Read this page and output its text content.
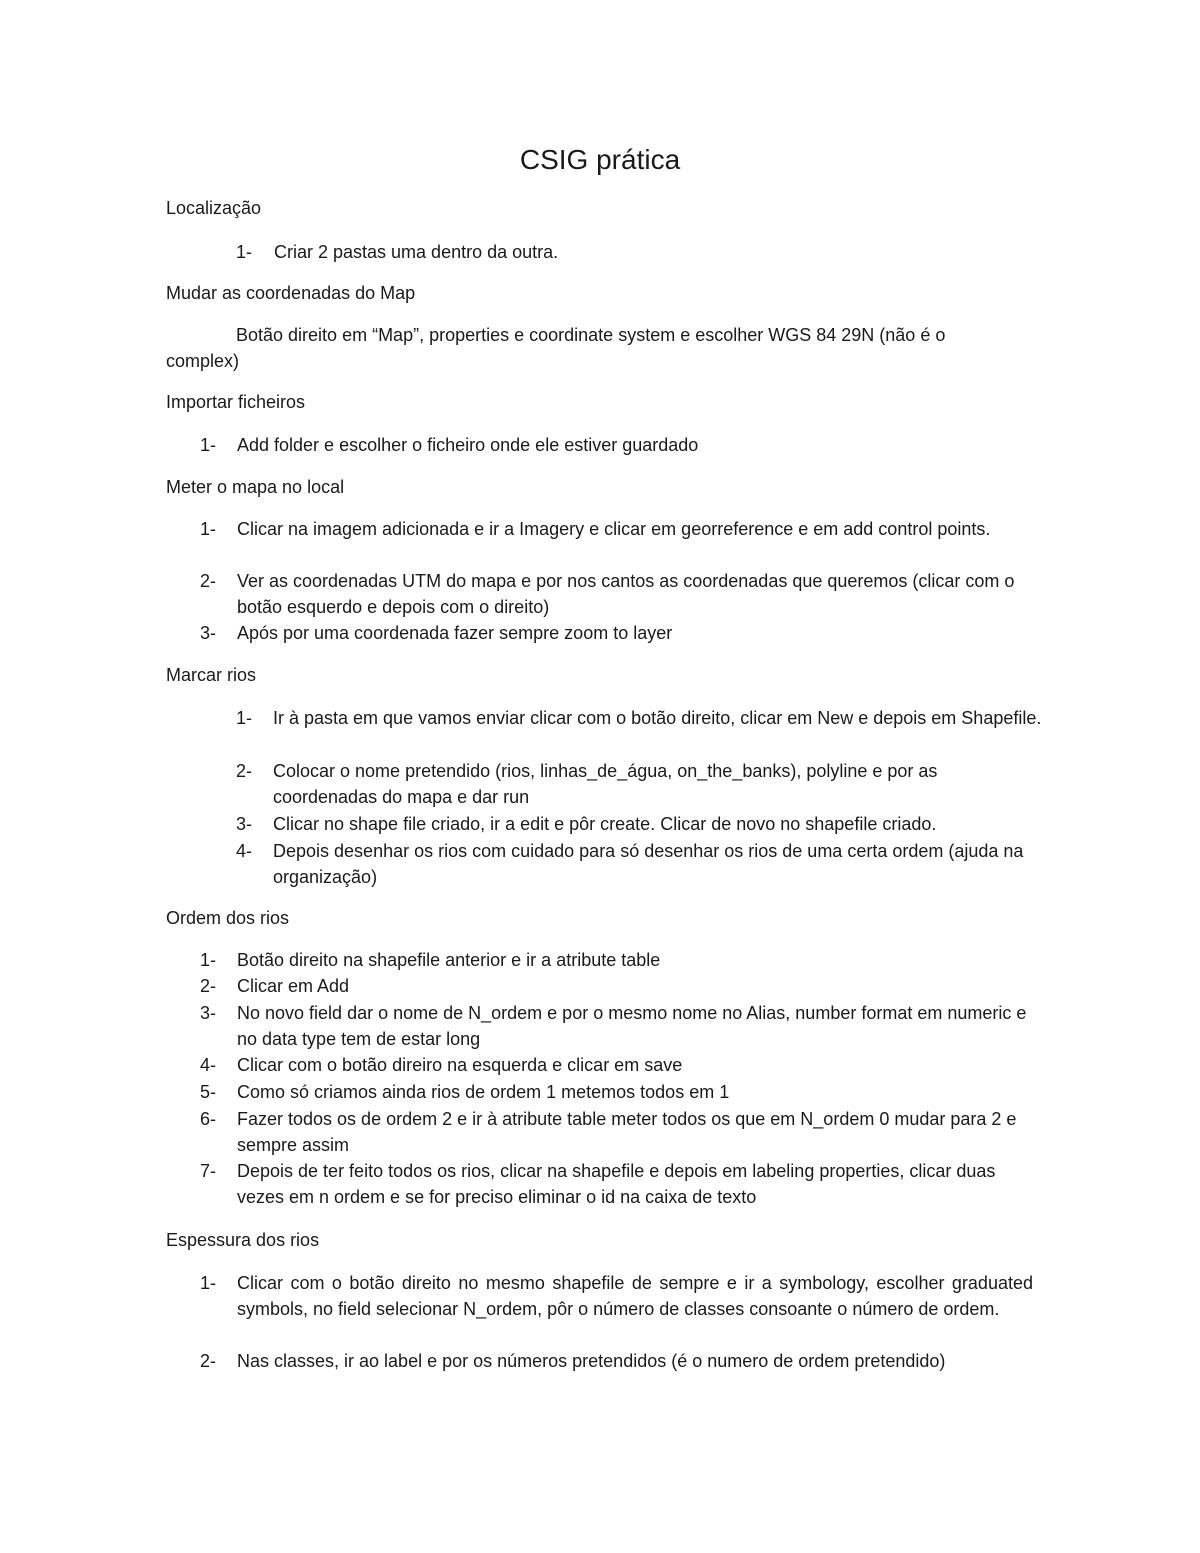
CSIG prática
Localização
1-	Criar 2 pastas uma dentro da outra.
Mudar as coordenadas do Map
Botão direito em “Map”, properties e coordinate system e escolher WGS 84 29N (não é o
complex)
Importar ficheiros
1-	Add folder e escolher o ficheiro onde ele estiver guardado
Meter o mapa no local
1-	Clicar na imagem adicionada e ir a Imagery e clicar em georreference e em add control points.
2-	Ver as coordenadas UTM do mapa e por nos cantos as coordenadas que queremos (clicar com o botão esquerdo e depois com o direito)
3-	Após por uma coordenada fazer sempre zoom to layer
Marcar rios
1-	Ir à pasta em que vamos enviar clicar com o botão direito, clicar em New e depois em Shapefile.
2-	Colocar o nome pretendido (rios, linhas_de_água, on_the_banks), polyline e por as coordenadas do mapa e dar run
3-	Clicar no shape file criado, ir a edit e pôr create. Clicar de novo no shapefile criado.
4-	Depois desenhar os rios com cuidado para só desenhar os rios de uma certa ordem (ajuda na organização)
Ordem dos rios
1-	Botão direito na shapefile anterior e ir a atribute table
2-	Clicar em Add
3-	No novo field dar o nome de N_ordem e por o mesmo nome no Alias, number format em numeric e no data type tem de estar long
4-	Clicar com o botão direiro na esquerda e clicar em save
5-	Como só criamos ainda rios de ordem 1 metemos todos em 1
6-	Fazer todos os de ordem 2 e ir à atribute table meter todos os que em N_ordem 0 mudar para 2 e sempre assim
7-	Depois de ter feito todos os rios, clicar na shapefile e depois em labeling properties, clicar duas vezes em n ordem e se for preciso eliminar o id na caixa de texto
Espessura dos rios
1-	Clicar com o botão direito no mesmo shapefile de sempre e ir a symbology, escolher graduated symbols, no field selecionar N_ordem, pôr o número de classes consoante o número de ordem.
2-	Nas classes, ir ao label e por os números pretendidos (é o numero de ordem pretendido)
